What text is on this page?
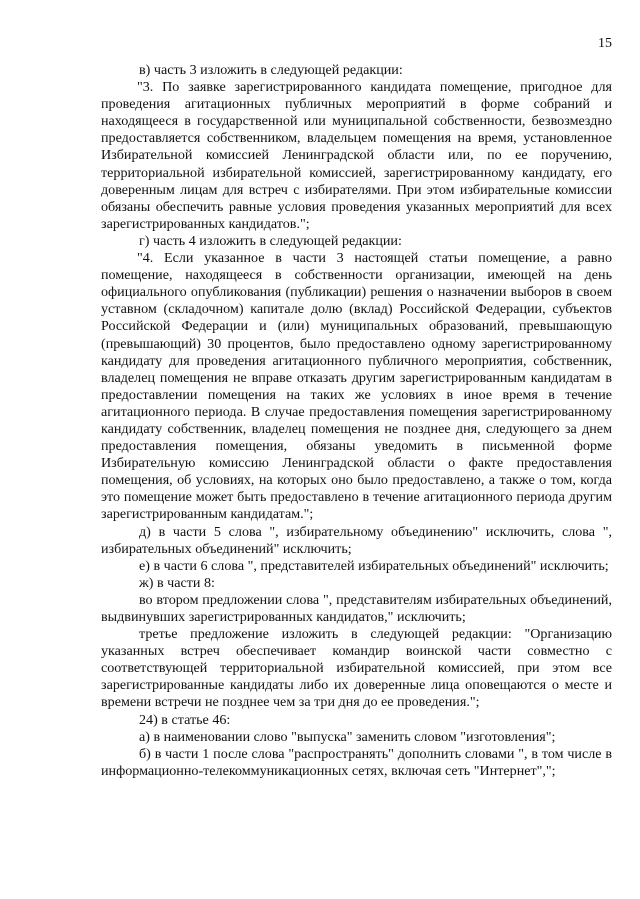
15

в) часть 3 изложить в следующей редакции:

"3. По заявке зарегистрированного кандидата помещение, пригодное для проведения агитационных публичных мероприятий в форме собраний и находящееся в государственной или муниципальной собственности, безвозмездно предоставляется собственником, владельцем помещения на время, установленное Избирательной комиссией Ленинградской области или, по ее поручению, территориальной избирательной комиссией, зарегистрированному кандидату, его доверенным лицам для встреч с избирателями. При этом избирательные комиссии обязаны обеспечить равные условия проведения указанных мероприятий для всех зарегистрированных кандидатов.";

г) часть 4 изложить в следующей редакции:

"4. Если указанное в части 3 настоящей статьи помещение, а равно помещение, находящееся в собственности организации, имеющей на день официального опубликования (публикации) решения о назначении выборов в своем уставном (складочном) капитале долю (вклад) Российской Федерации, субъектов Российской Федерации и (или) муниципальных образований, превышающую (превышающий) 30 процентов, было предоставлено одному зарегистрированному кандидату для проведения агитационного публичного мероприятия, собственник, владелец помещения не вправе отказать другим зарегистрированным кандидатам в предоставлении помещения на таких же условиях в иное время в течение агитационного периода. В случае предоставления помещения зарегистрированному кандидату собственник, владелец помещения не позднее дня, следующего за днем предоставления помещения, обязаны уведомить в письменной форме Избирательную комиссию Ленинградской области о факте предоставления помещения, об условиях, на которых оно было предоставлено, а также о том, когда это помещение может быть предоставлено в течение агитационного периода другим зарегистрированным кандидатам.";

д) в части 5 слова ", избирательному объединению" исключить, слова ", избирательных объединений" исключить;

е) в части 6 слова ", представителей избирательных объединений" исключить;

ж) в части 8:

во втором предложении слова ", представителям избирательных объединений, выдвинувших зарегистрированных кандидатов," исключить;

третье предложение изложить в следующей редакции: "Организацию указанных встреч обеспечивает командир воинской части совместно с соответствующей территориальной избирательной комиссией, при этом все зарегистрированные кандидаты либо их доверенные лица оповещаются о месте и времени встречи не позднее чем за три дня до ее проведения.";

24) в статье 46:

а) в наименовании слово "выпуска" заменить словом "изготовления";

б) в части 1 после слова "распространять" дополнить словами ", в том числе в информационно-телекоммуникационных сетях, включая сеть "Интернет",";
